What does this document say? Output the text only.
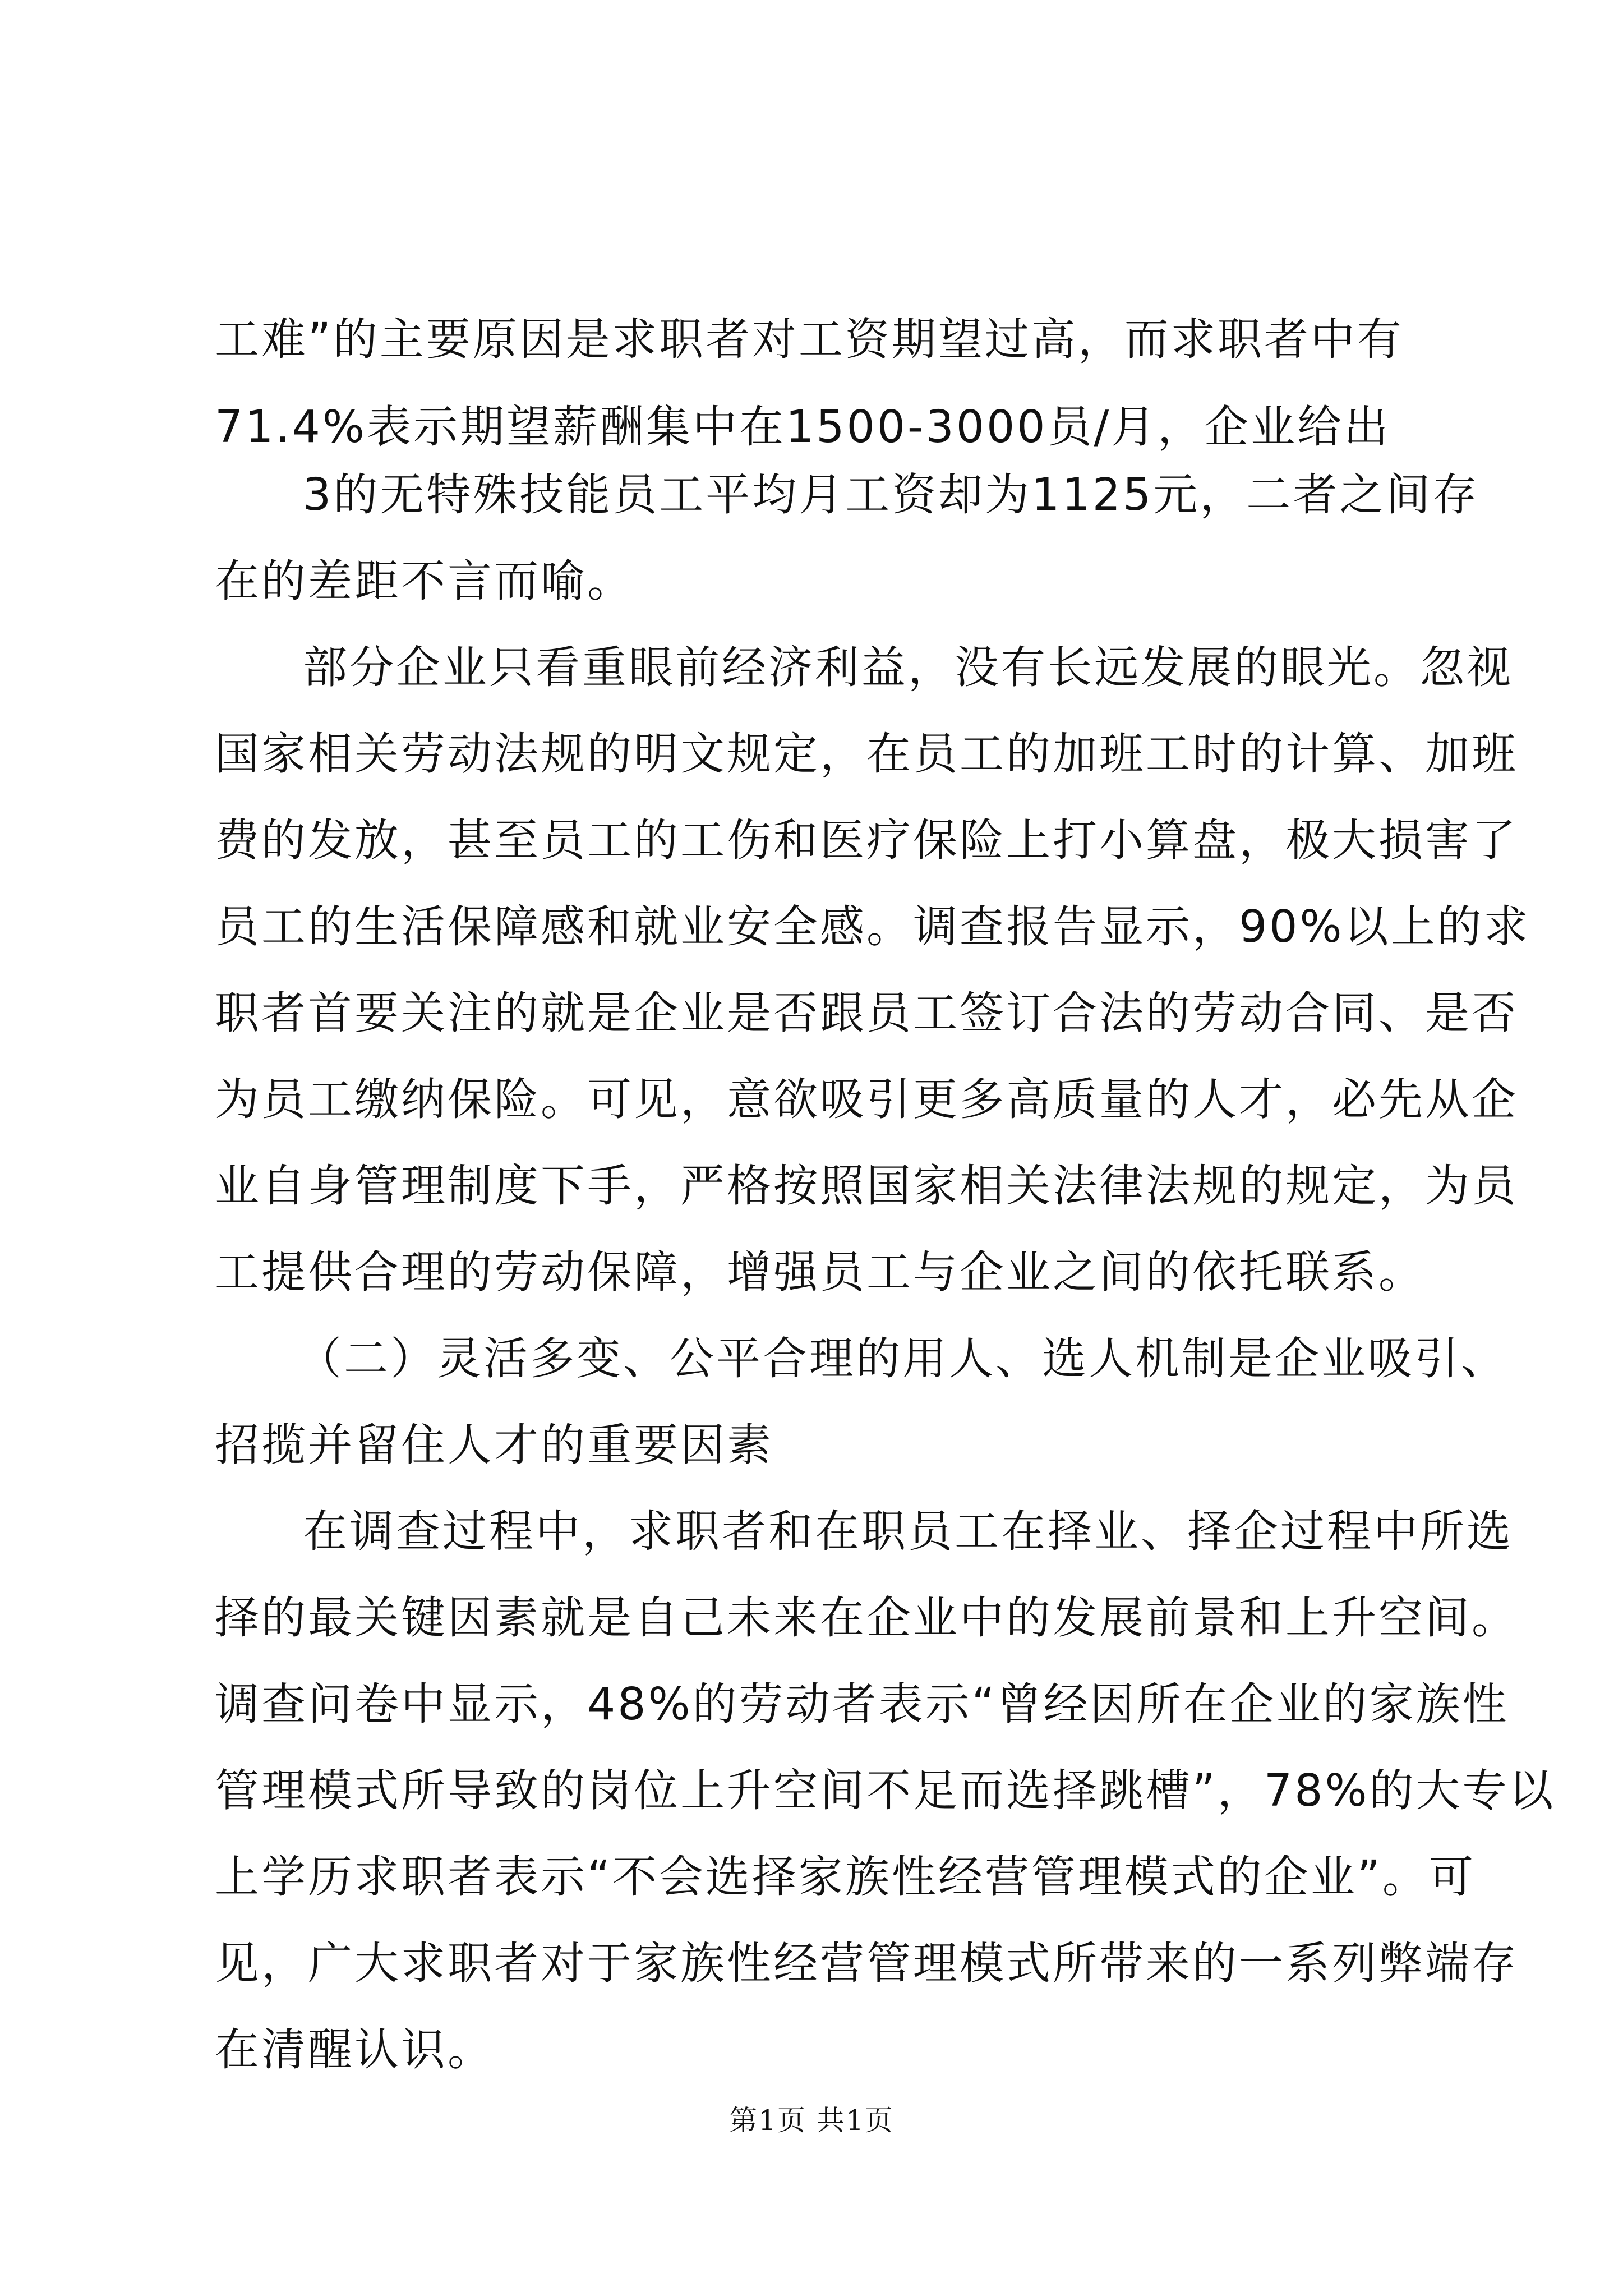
工难”的主要原因是求职者对工资期望过高，而求职者中有
71.4%表示期望薪酬集中在1500-3000员/月，企业给出
3的无特殊技能员工平均月工资却为1125元，二者之间存
在的差距不言而喻。
部分企业只看重眼前经济利益，没有长远发展的眼光。忽视
国家相关劳动法规的明文规定，在员工的加班工时的计算、加班
费的发放，甚至员工的工伤和医疗保险上打小算盘，极大损害了
员工的生活保障感和就业安全感。调查报告显示，90%以上的求
职者首要关注的就是企业是否跟员工签订合法的劳动合同、是否
为员工缴纳保险。可见，意欲吸引更多高质量的人才，必先从企
业自身管理制度下手，严格按照国家相关法律法规的规定，为员
工提供合理的劳动保障，增强员工与企业之间的依托联系。
（二）灵活多变、公平合理的用人、选人机制是企业吸引、
招揽并留住人才的重要因素
在调查过程中，求职者和在职员工在择业、择企过程中所选
择的最关键因素就是自己未来在企业中的发展前景和上升空间。
调查问卷中显示，48%的劳动者表示“曾经因所在企业的家族性
管理模式所导致的岗位上升空间不足而选择跳槽”，78%的大专以
上学历求职者表示“不会选择家族性经营管理模式的企业”。可
见，广大求职者对于家族性经营管理模式所带来的一系列弊端存
在清醒认识。
第1页 共1页
